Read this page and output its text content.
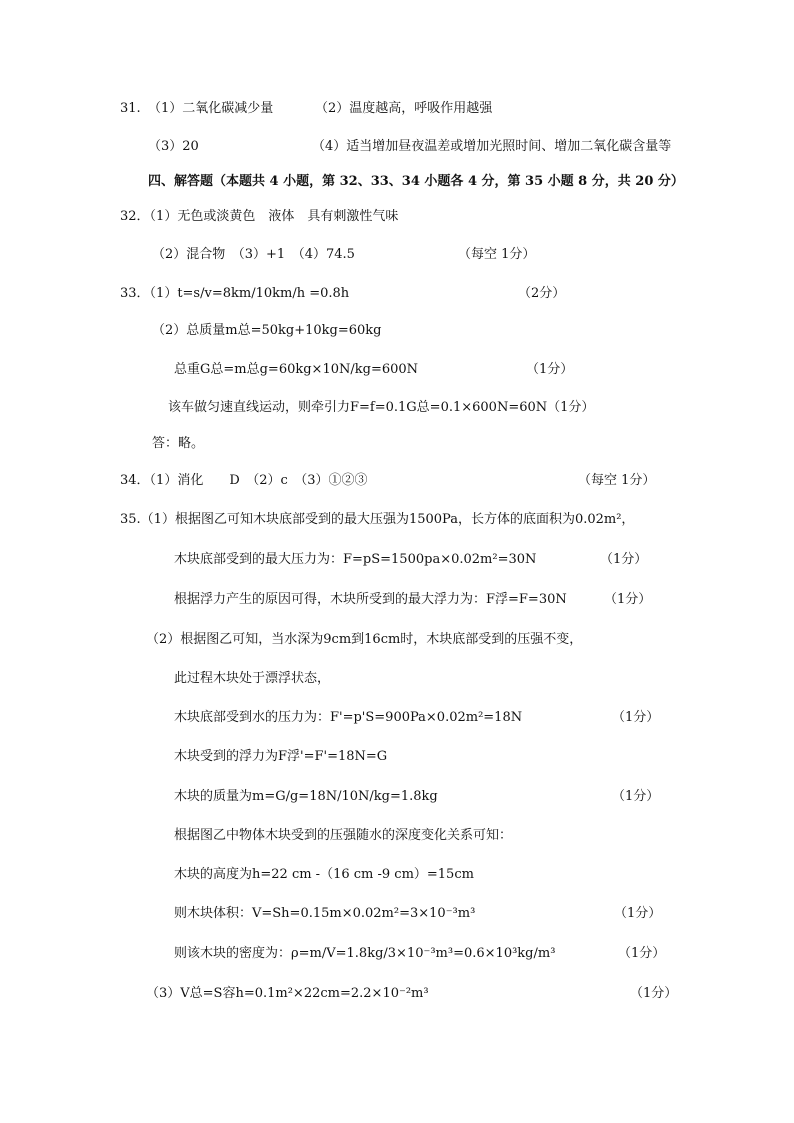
31. （1）二氧化碳减少量	（2）温度越高，呼吸作用越强
（3）20	（4）适当增加昼夜温差或增加光照时间、增加二氧化碳含量等
四、解答题（本题共 4 小题，第 32、33、34 小题各 4 分，第 35 小题 8 分，共 20 分）
32．（1）无色或淡黄色　液体　具有刺激性气味
（2）混合物　（3）+1　（4）74.5	（每空 1分）
33．（1）t=s/v=8km/10km/h =0.8h	（2分）
（2）总质量m总=50kg+10kg=60kg
总重G总=m总g=60kg×10N/kg=600N	（1分）
该车做匀速直线运动，则牵引力F=f=0.1G总=0.1×600N=60N（1分）
答：略。
34．（1）消化　　D　（2）c　（3）①②③	（每空 1分）
35.（1）根据图乙可知木块底部受到的最大压强为1500Pa，长方体的底面积为0.02m²，
木块底部受到的最大压力为：F=pS=1500pa×0.02m²=30N	（1分）
根据浮力产生的原因可得，木块所受到的最大浮力为：F浮=F=30N	（1分）
（2）根据图乙可知，当水深为9cm到16cm时，木块底部受到的压强不变，
此过程木块处于漂浮状态，
木块底部受到水的压力为：F'=p'S=900Pa×0.02m²=18N	（1分）
木块受到的浮力为F浮'=F'=18N=G
木块的质量为m=G/g=18N/10N/kg=1.8kg	（1分）
根据图乙中物体木块受到的压强随水的深度变化关系可知：
木块的高度为h=22 cm -（16 cm -9 cm）=15cm
则木块体积：V=Sh=0.15m×0.02m²=3×10⁻³m³	（1分）
则该木块的密度为：ρ=m/V=1.8kg/3×10⁻³m³=0.6×10³kg/m³	（1分）
（3）V总=S容h=0.1m²×22cm=2.2×10⁻²m³	（1分）
